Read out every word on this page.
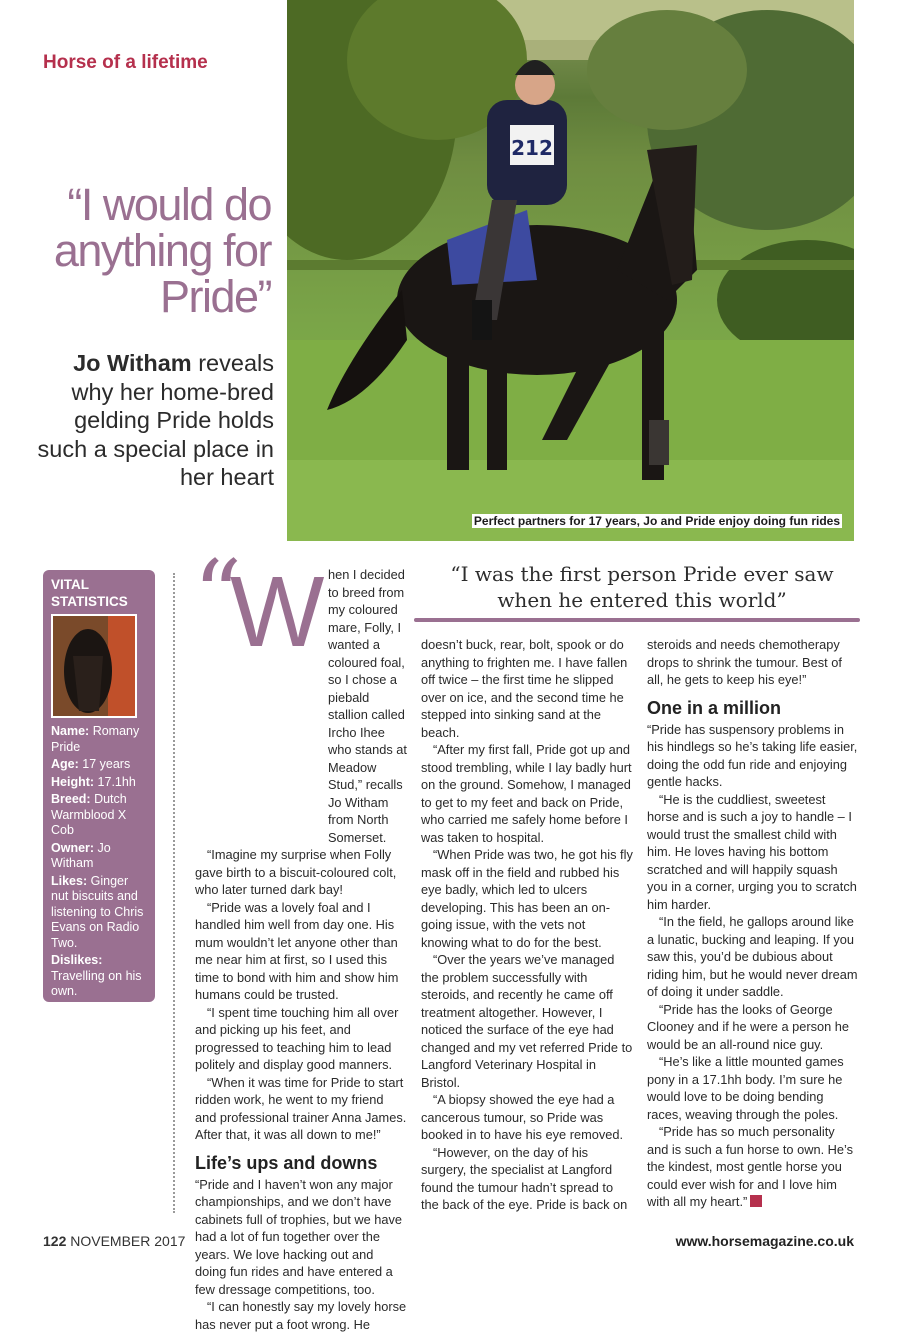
Horse of a lifetime
“I would do anything for Pride”
Jo Witham reveals why her home-bred gelding Pride holds such a special place in her heart
212
Perfect partners for 17 years, Jo and Pride enjoy doing fun rides
VITAL STATISTICS
Name: Romany Pride
Age: 17 years
Height: 17.1hh
Breed: Dutch Warmblood X Cob
Owner: Jo Witham
Likes: Ginger nut biscuits and listening to Chris Evans on Radio Two.
Dislikes: Travelling on his own.
“
W hen I decided to breed from my coloured mare, Folly, I wanted a coloured foal, so I chose a piebald stallion called Ircho Ihee who stands at Meadow Stud,” recalls Jo Witham from North Somerset.

“Imagine my surprise when Folly gave birth to a biscuit-coloured colt, who later turned dark bay!

“Pride was a lovely foal and I handled him well from day one. His mum wouldn’t let anyone other than me near him at first, so I used this time to bond with him and show him humans could be trusted.

“I spent time touching him all over and picking up his feet, and progressed to teaching him to lead politely and display good manners.

“When it was time for Pride to start ridden work, he went to my friend and professional trainer Anna James. After that, it was all down to me!”

Life’s ups and downs

“Pride and I haven’t won any major championships, and we don’t have cabinets full of trophies, but we have had a lot of fun together over the years. We love hacking out and doing fun rides and have entered a few dressage competitions, too.

“I can honestly say my lovely horse has never put a foot wrong. He

“I was the first person Pride ever saw when he entered this world”

doesn’t buck, rear, bolt, spook or do anything to frighten me. I have fallen off twice – the first time he slipped over on ice, and the second time he stepped into sinking sand at the beach.

“After my first fall, Pride got up and stood trembling, while I lay badly hurt on the ground. Somehow, I managed to get to my feet and back on Pride, who carried me safely home before I was taken to hospital.

“When Pride was two, he got his fly mask off in the field and rubbed his eye badly, which led to ulcers developing. This has been an on-going issue, with the vets not knowing what to do for the best.

“Over the years we’ve managed the problem successfully with steroids, and recently he came off treatment altogether. However, I noticed the surface of the eye had changed and my vet referred Pride to Langford Veterinary Hospital in Bristol.

“A biopsy showed the eye had a cancerous tumour, so Pride was booked in to have his eye removed.

“However, on the day of his surgery, the specialist at Langford found the tumour hadn’t spread to the back of the eye. Pride is back on

steroids and needs chemotherapy drops to shrink the tumour. Best of all, he gets to keep his eye!”

One in a million

“Pride has suspensory problems in his hindlegs so he’s taking life easier, doing the odd fun ride and enjoying gentle hacks.

“He is the cuddliest, sweetest horse and is such a joy to handle – I would trust the smallest child with him. He loves having his bottom scratched and will happily squash you in a corner, urging you to scratch him harder.

“In the field, he gallops around like a lunatic, bucking and leaping. If you saw this, you’d be dubious about riding him, but he would never dream of doing it under saddle.

“Pride has the looks of George Clooney and if he were a person he would be an all-round nice guy.

“He’s like a little mounted games pony in a 17.1hh body. I’m sure he would love to be doing bending races, weaving through the poles.

“Pride has so much personality and is such a fun horse to own. He’s the kindest, most gentle horse you could ever wish for and I love him with all my heart.”

122 NOVEMBER 2017	www.horsemagazine.co.uk
